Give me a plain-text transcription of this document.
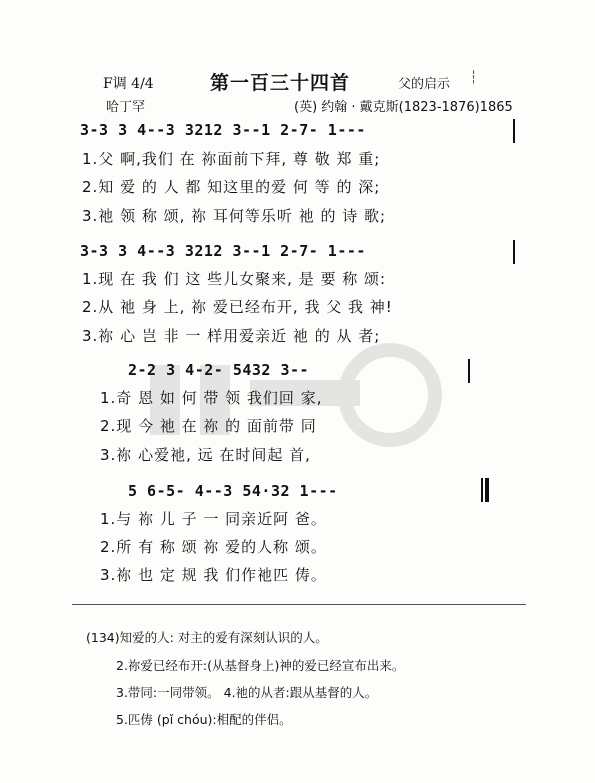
F调 4/4	第一百三十四首	父的启示 ┆
哈丁罕	(英) 约翰 · 戴克斯(1823-1876)1865
3-3 3 4--3 3212 3--1 2-7- 1---
1.父 啊,我们 在 祢面前下拜, 尊 敬 郑 重;
2.知 爱 的 人 都 知这里的爱 何 等 的 深;
3.祂 领 称 颂, 祢 耳何等乐听 祂 的 诗 歌;
3-3 3 4--3 3212 3--1 2-7- 1---
1.现 在 我 们 这 些儿女聚来, 是 要 称 颂:
2.从 祂 身 上, 祢 爱已经布开, 我 父 我 神!
3.祢 心 岂 非 一 样用爱亲近 祂 的 从 者;
2-2 3 4-2- 5432 3--
1.奇 恩 如 何 带 领 我们回 家,
2.现 今 祂 在 祢 的 面前带 同
3.祢 心爱祂, 远 在时间起 首,
5 6-5- 4--3 54·32 1---
1.与 祢 儿 子 一 同亲近阿 爸。
2.所 有 称 颂 祢 爱的人称 颂。
3.祢 也 定 规 我 们作祂匹 俦。
(134)知爱的人: 对主的爱有深刻认识的人。
2.祢爱已经布开:(从基督身上)神的爱已经宣布出来。
3.带同:一同带领。 4.祂的从者:跟从基督的人。
5.匹俦 (pǐ chóu):相配的伴侣。
